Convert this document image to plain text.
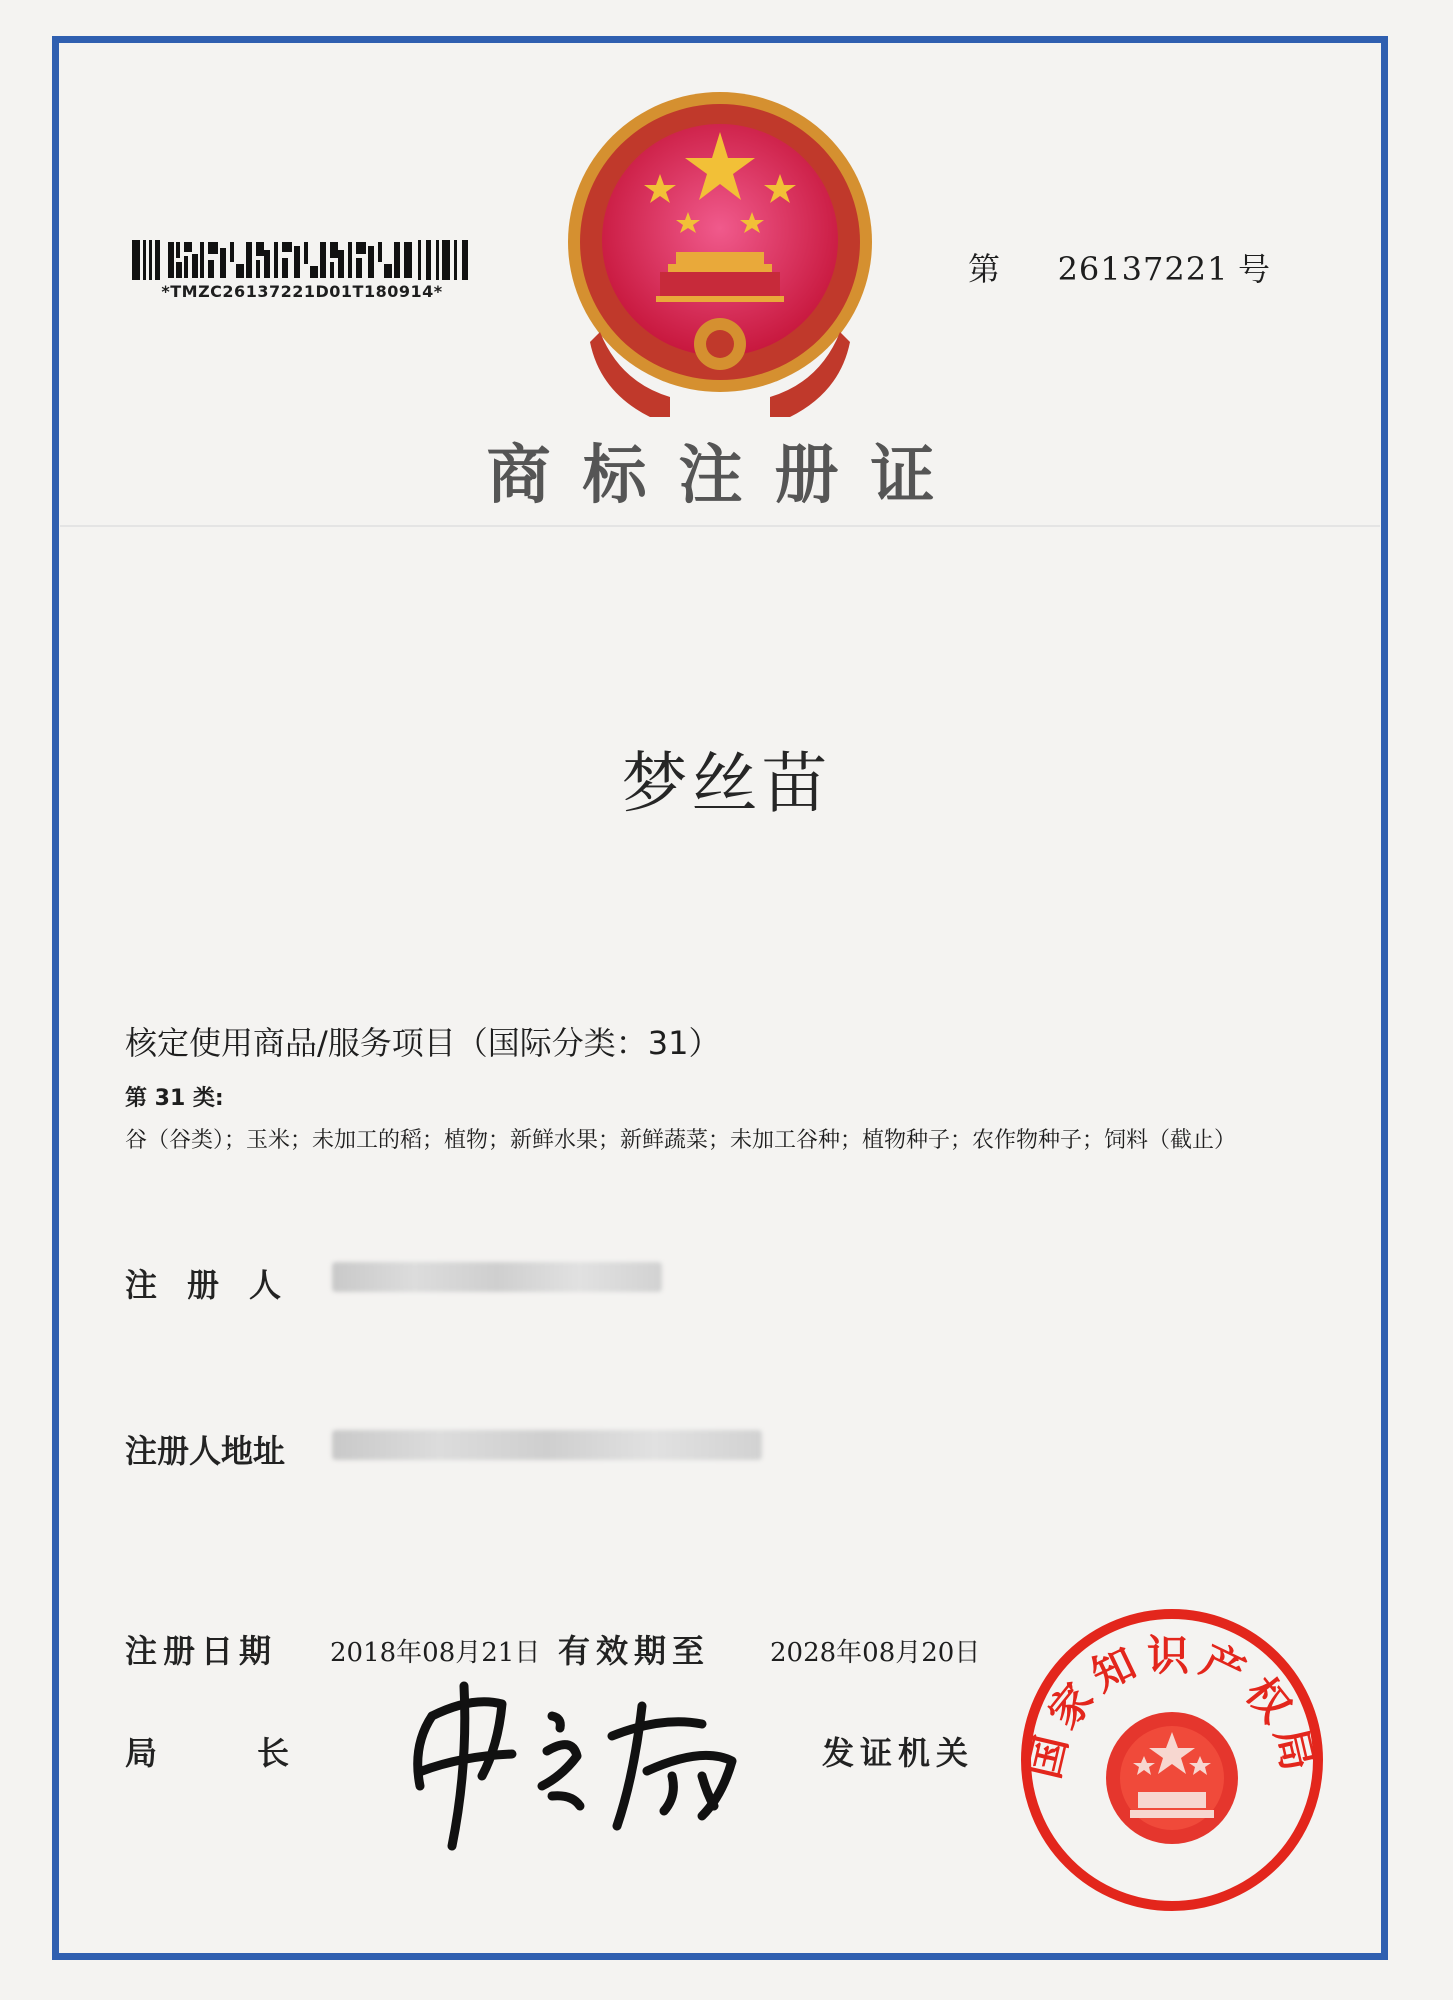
*TMZC26137221D01T180914*
第 26137221 号
商标注册证
梦丝苗
核定使用商品/服务项目（国际分类：31）
第 31 类:谷（谷类）；玉米；未加工的稻；植物；新鲜水果；新鲜蔬菜；未加工谷种；植物种子；农作物种子；饲料（截止）
注册人
注册人地址
注册日期 2018年08月21日 有效期至 2028年08月20日
局	长	发证机关 国家知识产权局
